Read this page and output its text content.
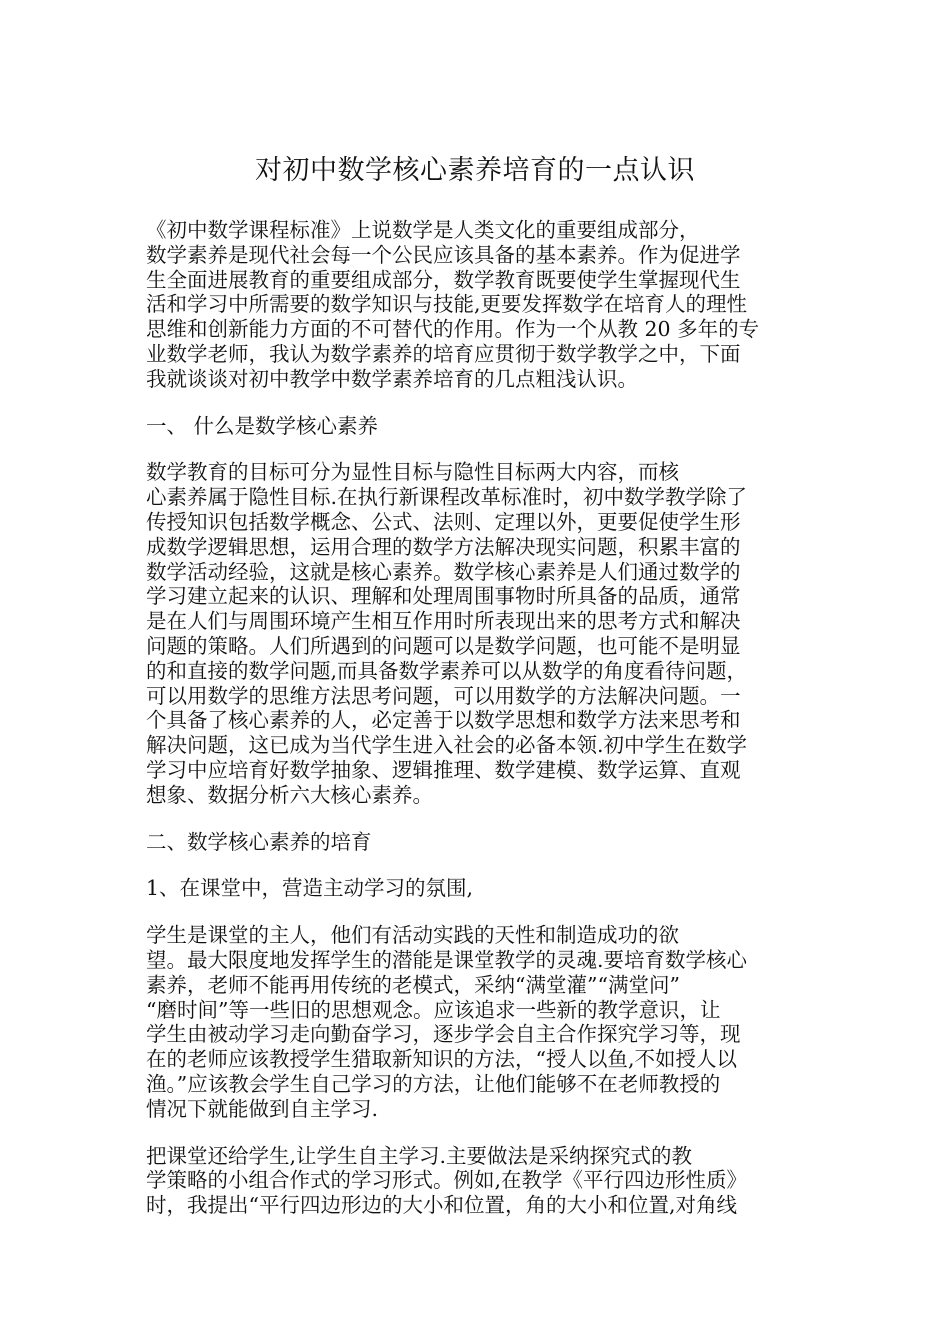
对初中数学核心素养培育的一点认识
《初中数学课程标准》上说数学是人类文化的重要组成部分，
数学素养是现代社会每一个公民应该具备的基本素养。作为促进学
生全面进展教育的重要组成部分，数学教育既要使学生掌握现代生
活和学习中所需要的数学知识与技能,更要发挥数学在培育人的理性
思维和创新能力方面的不可替代的作用。作为一个从教 20 多年的专
业数学老师，我认为数学素养的培育应贯彻于数学教学之中，下面
我就谈谈对初中教学中数学素养培育的几点粗浅认识。
一、 什么是数学核心素养
数学教育的目标可分为显性目标与隐性目标两大内容，而核
心素养属于隐性目标.在执行新课程改革标准时，初中数学教学除了
传授知识包括数学概念、公式、法则、定理以外，更要促使学生形
成数学逻辑思想，运用合理的数学方法解决现实问题，积累丰富的
数学活动经验，这就是核心素养。数学核心素养是人们通过数学的
学习建立起来的认识、理解和处理周围事物时所具备的品质，通常
是在人们与周围环境产生相互作用时所表现出来的思考方式和解决
问题的策略。人们所遇到的问题可以是数学问题，也可能不是明显
的和直接的数学问题,而具备数学素养可以从数学的角度看待问题，
可以用数学的思维方法思考问题，可以用数学的方法解决问题。一
个具备了核心素养的人，必定善于以数学思想和数学方法来思考和
解决问题，这已成为当代学生进入社会的必备本领.初中学生在数学
学习中应培育好数学抽象、逻辑推理、数学建模、数学运算、直观
想象、数据分析六大核心素养。
二、数学核心素养的培育
1、在课堂中，营造主动学习的氛围,
学生是课堂的主人，他们有活动实践的天性和制造成功的欲
望。最大限度地发挥学生的潜能是课堂教学的灵魂.要培育数学核心
素养，老师不能再用传统的老模式，采纳“满堂灌”“满堂问”
“磨时间”等一些旧的思想观念。应该追求一些新的教学意识，让
学生由被动学习走向勤奋学习，逐步学会自主合作探究学习等，现
在的老师应该教授学生猎取新知识的方法，“授人以鱼,不如授人以
渔。”应该教会学生自己学习的方法，让他们能够不在老师教授的
情况下就能做到自主学习.
把课堂还给学生,让学生自主学习.主要做法是采纳探究式的教
学策略的小组合作式的学习形式。例如,在教学《平行四边形性质》
时，我提出“平行四边形边的大小和位置，角的大小和位置,对角线
